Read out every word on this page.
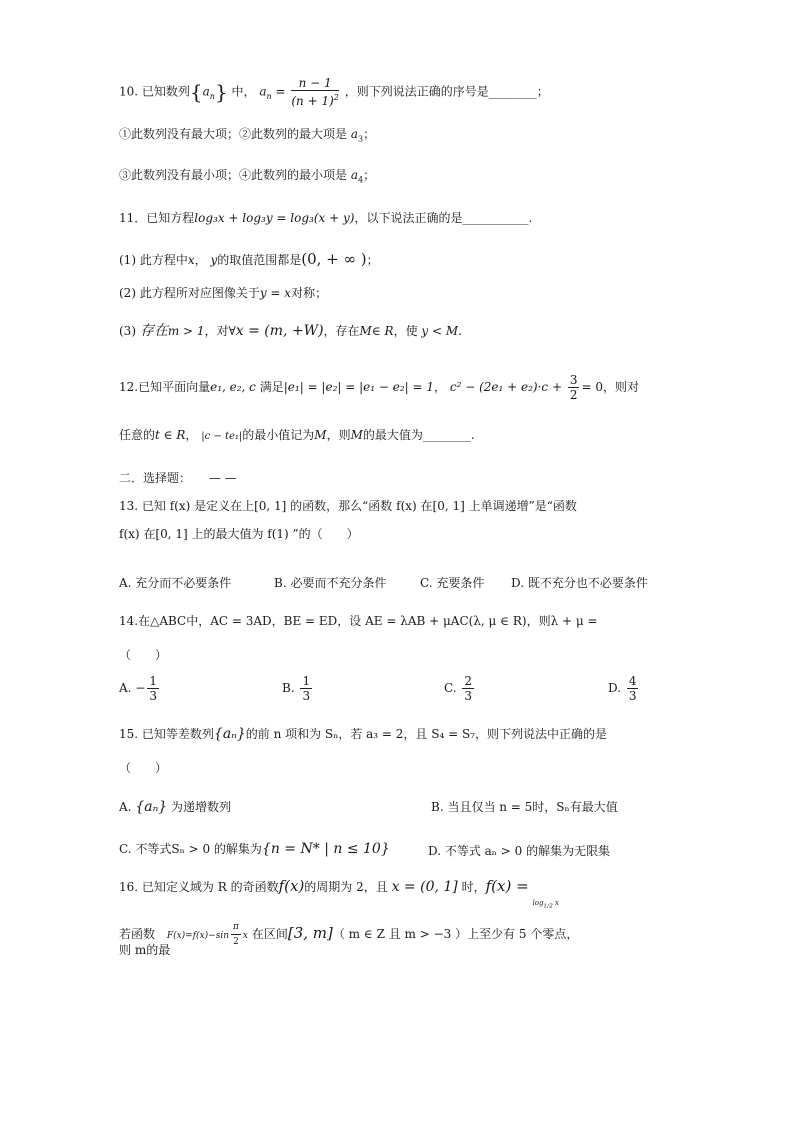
10. 已知数列$\{a_n\}$ 中， $a_n = \frac{n - 1}{(n + 1)^2}$ ，则下列说法正确的序号是________；
①此数列没有最大项；②此数列的最大项是 $a_3$；
③此数列没有最小项；④此数列的最小项是 $a_4$；
11．已知方程log₃x + log₃y = log₃(x + y)，以下说法正确的是___________.
(1) 此方程中x， y的取值范围都是(0, + ∞ )；
(2) 此方程所对应图像关于y = x对称；
(3) 存在m > 1，对∀x = (m, +W)，存在M∈ R，使 y < M.
12.已知平面向量e₁, e₂, c 满足|e₁| = |e₂| = |e₁ − e₂| = 1， $c^2 - (2e_1 + e_2)\cdot c + \frac{3}{2} = 0$，则对
任意的t ∈ R， |c − te₁|的最小值记为M，则M的最大值为________.
二．选择题： — —
13. 已知 f(x) 是定义在上[0, 1] 的函数，那么“函数 f(x) 在[0, 1] 上单调递增”是“函数
f(x) 在[0, 1] 上的最大值为 f(1) ”的（　　）
A. 充分而不必要条件	B. 必要而不充分条件	C. 充要条件 D. 既不充分也不必要条件
14.在△ABC中，AC = 3AD，BE = ED，设 AE = λAB + μAC(λ, μ ∈ R)，则λ + μ =
（　　）
A. − $\frac{1}{3}$	B. $\frac{1}{3}$	C. $\frac{2}{3}$	D. $\frac{4}{3}$
15. 已知等差数列{aₙ}的前 n 项和为 Sₙ，若 a₃ = 2，且 S₄ = S₇，则下列说法中正确的是
（　　）
A. {aₙ} 为递增数列	B. 当且仅当 n = 5时，Sₙ有最大值
C. 不等式Sₙ > 0 的解集为{n = N* | n ≤ 10}	D. 不等式 aₙ > 0 的解集为无限集
16. 已知定义域为 R 的奇函数f(x)的周期为 2，且 x = (0, 1] 时，f(x) = $_{log_{1/2} x}$
若函数 $F(x)=f(x)-\sin \frac{\pi}{2}$ x 在区间[3, m]（ m ∈ Z 且 m > −3 ）上至少有 5 个零点，
则 m的最
